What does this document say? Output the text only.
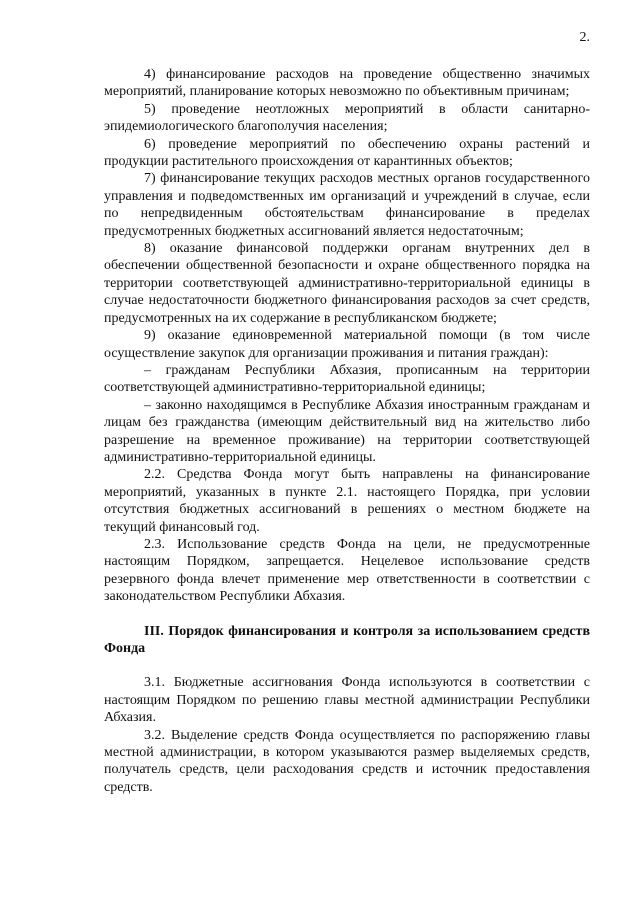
2.

4) финансирование расходов на проведение общественно значимых мероприятий, планирование которых невозможно по объективным причинам;

5) проведение неотложных мероприятий в области санитарно-эпидемиологического благополучия населения;

6) проведение мероприятий по обеспечению охраны растений и продукции растительного происхождения от карантинных объектов;

7) финансирование текущих расходов местных органов государственного управления и подведомственных им организаций и учреждений в случае, если по непредвиденным обстоятельствам финансирование в пределах предусмотренных бюджетных ассигнований является недостаточным;

8) оказание финансовой поддержки органам внутренних дел в обеспечении общественной безопасности и охране общественного порядка на территории соответствующей административно-территориальной единицы в случае недостаточности бюджетного финансирования расходов за счет средств, предусмотренных на их содержание в республиканском бюджете;

9) оказание единовременной материальной помощи (в том числе осуществление закупок для организации проживания и питания граждан):

– гражданам Республики Абхазия, прописанным на территории соответствующей административно-территориальной единицы;

– законно находящимся в Республике Абхазия иностранным гражданам и лицам без гражданства (имеющим действительный вид на жительство либо разрешение на временное проживание) на территории соответствующей административно-территориальной единицы.

2.2. Средства Фонда могут быть направлены на финансирование мероприятий, указанных в пункте 2.1. настоящего Порядка, при условии отсутствия бюджетных ассигнований в решениях о местном бюджете на текущий финансовый год.

2.3. Использование средств Фонда на цели, не предусмотренные настоящим Порядком, запрещается. Нецелевое использование средств резервного фонда влечет применение мер ответственности в соответствии с законодательством Республики Абхазия.

III. Порядок финансирования и контроля за использованием средств Фонда

3.1. Бюджетные ассигнования Фонда используются в соответствии с настоящим Порядком по решению главы местной администрации Республики Абхазия.

3.2. Выделение средств Фонда осуществляется по распоряжению главы местной администрации, в котором указываются размер выделяемых средств, получатель средств, цели расходования средств и источник предоставления средств.
